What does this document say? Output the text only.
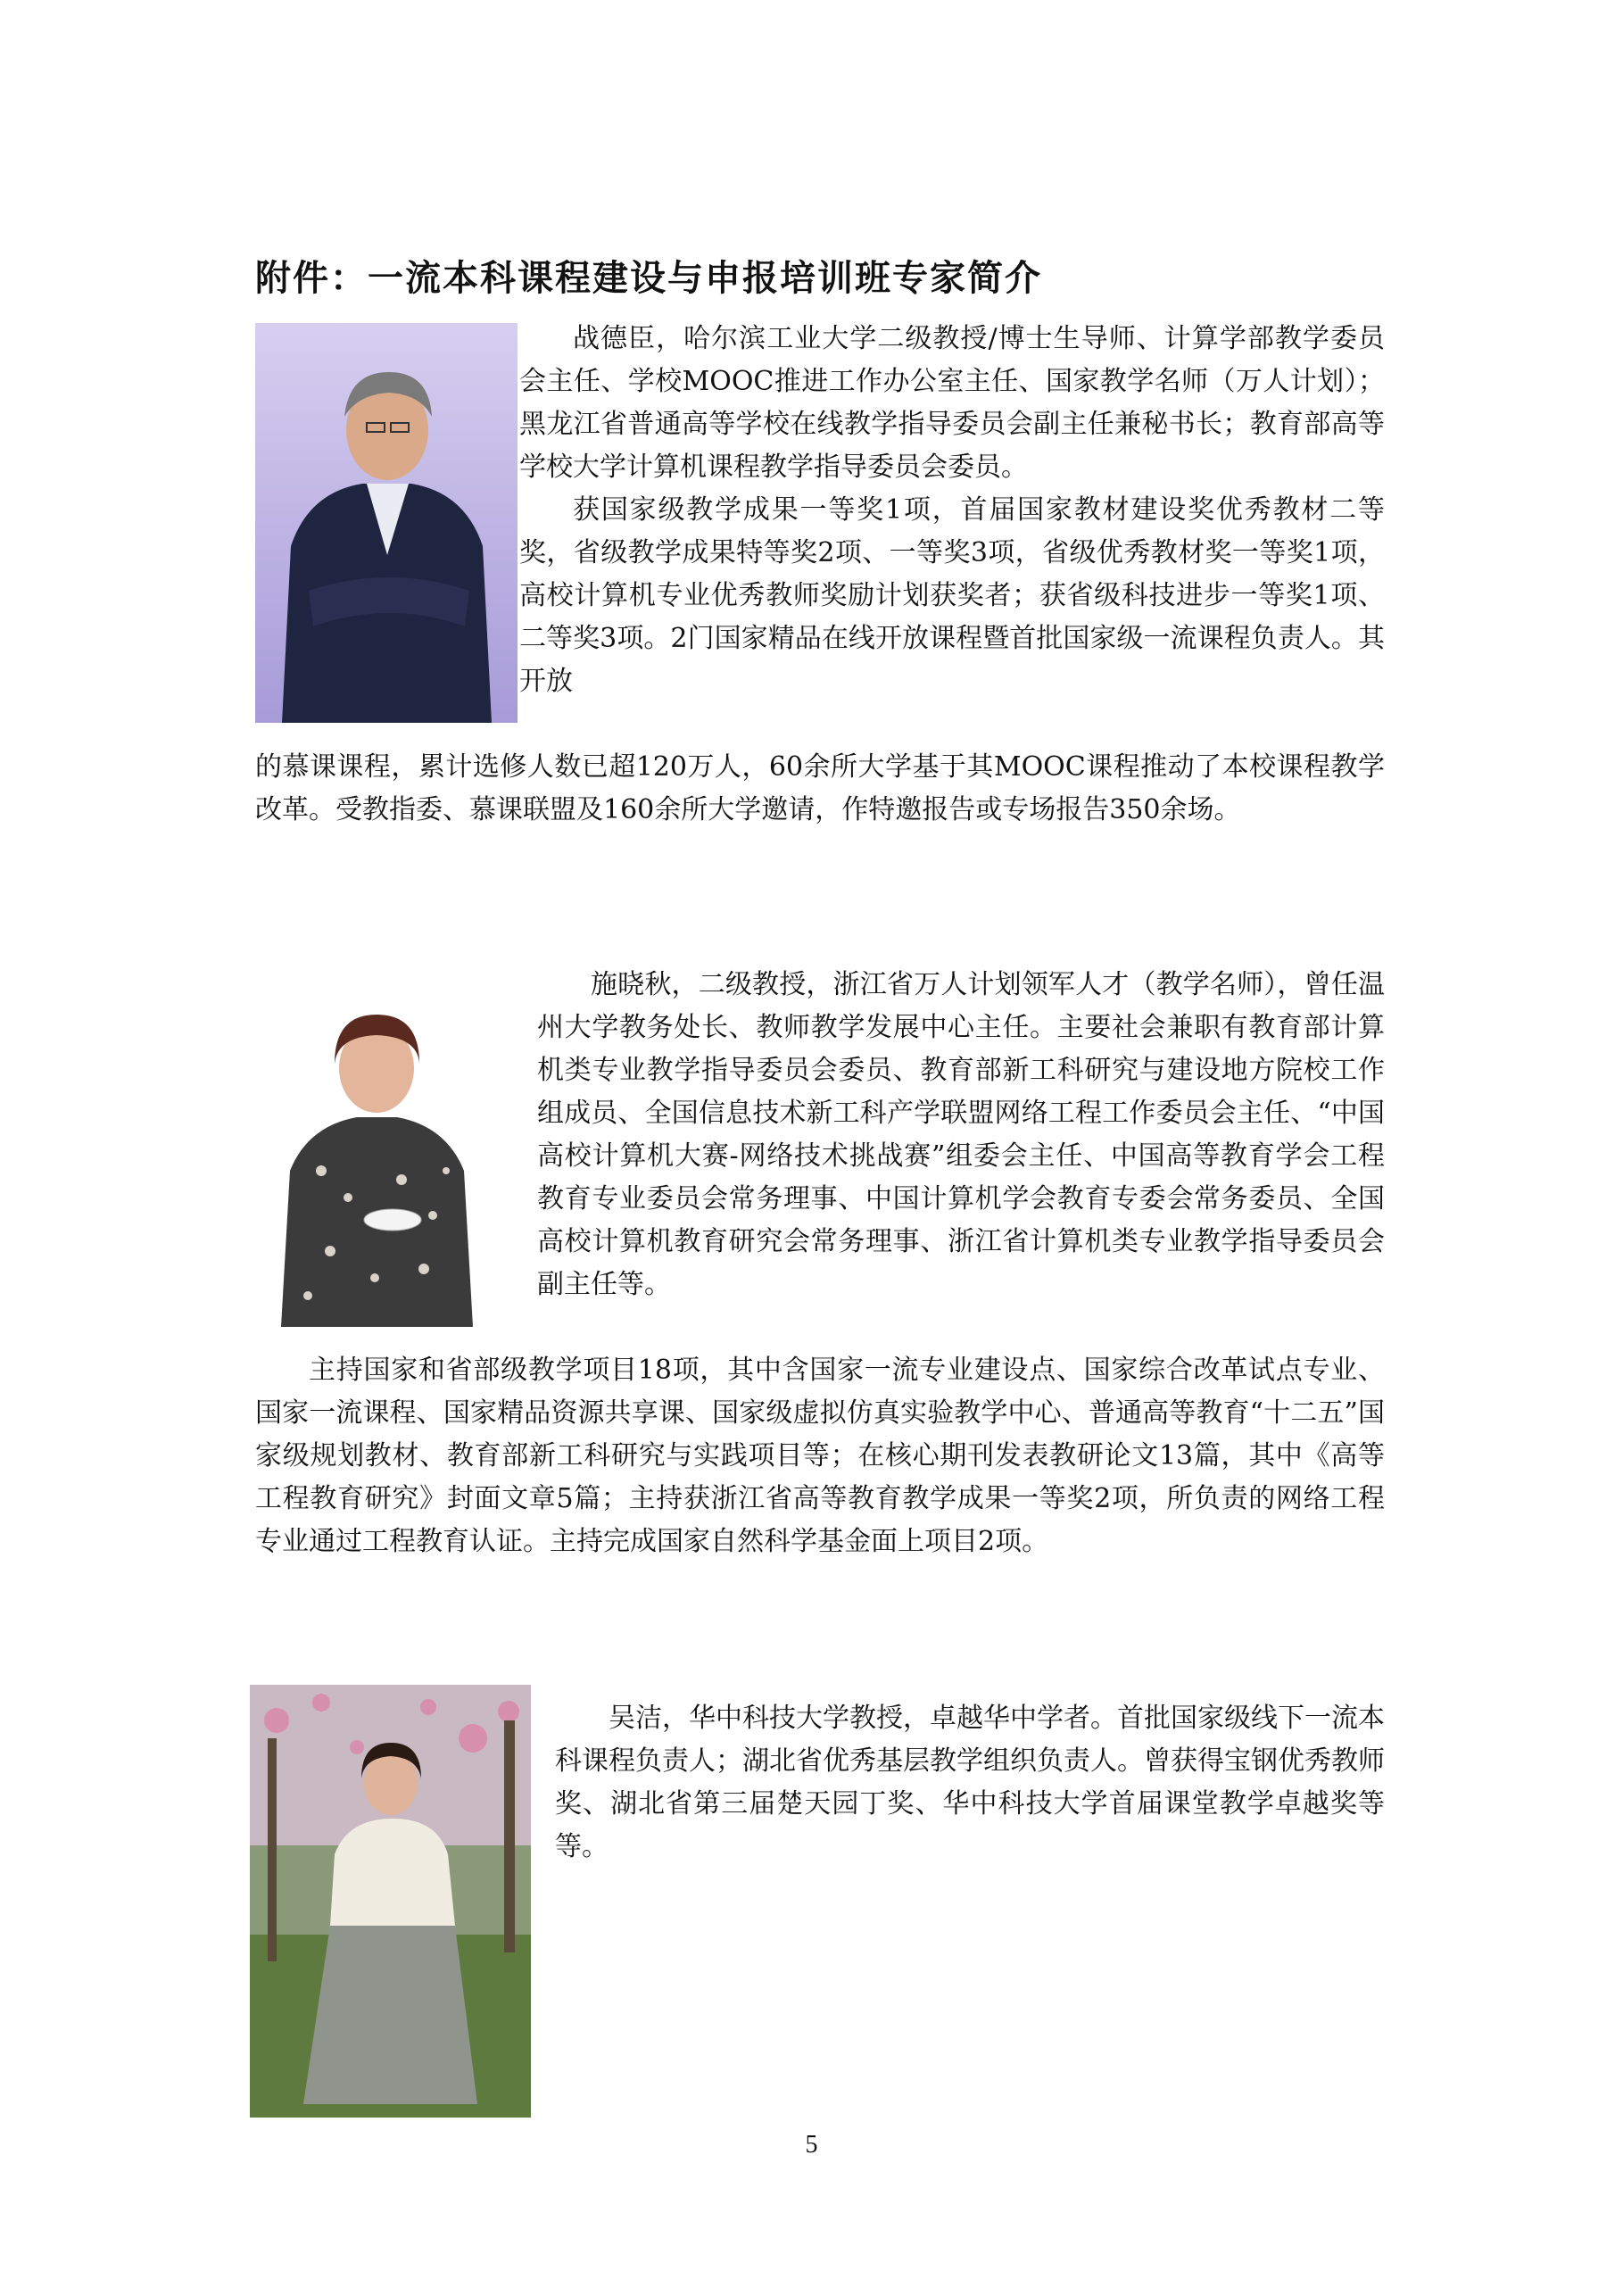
附件：一流本科课程建设与申报培训班专家简介

战德臣，哈尔滨工业大学二级教授/博士生导师、计算学部教学委员会主任、学校MOOC推进工作办公室主任、国家教学名师（万人计划）；黑龙江省普通高等学校在线教学指导委员会副主任兼秘书长；教育部高等学校大学计算机课程教学指导委员会委员。

获国家级教学成果一等奖1项，首届国家教材建设奖优秀教材二等奖，省级教学成果特等奖2项、一等奖3项，省级优秀教材奖一等奖1项，高校计算机专业优秀教师奖励计划获奖者；获省级科技进步一等奖1项、二等奖3项。2门国家精品在线开放课程暨首批国家级一流课程负责人。其开放

的慕课课程，累计选修人数已超120万人，60余所大学基于其MOOC课程推动了本校课程教学改革。受教指委、慕课联盟及160余所大学邀请，作特邀报告或专场报告350余场。

施晓秋，二级教授，浙江省万人计划领军人才（教学名师），曾任温州大学教务处长、教师教学发展中心主任。主要社会兼职有教育部计算机类专业教学指导委员会委员、教育部新工科研究与建设地方院校工作组成员、全国信息技术新工科产学联盟网络工程工作委员会主任、“中国高校计算机大赛-网络技术挑战赛”组委会主任、中国高等教育学会工程教育专业委员会常务理事、中国计算机学会教育专委会常务委员、全国高校计算机教育研究会常务理事、浙江省计算机类专业教学指导委员会副主任等。

主持国家和省部级教学项目18项，其中含国家一流专业建设点、国家综合改革试点专业、国家一流课程、国家精品资源共享课、国家级虚拟仿真实验教学中心、普通高等教育“十二五”国家级规划教材、教育部新工科研究与实践项目等；在核心期刊发表教研论文13篇，其中《高等工程教育研究》封面文章5篇；主持获浙江省高等教育教学成果一等奖2项，所负责的网络工程专业通过工程教育认证。主持完成国家自然科学基金面上项目2项。

吴洁，华中科技大学教授，卓越华中学者。首批国家级线下一流本科课程负责人；湖北省优秀基层教学组织负责人。曾获得宝钢优秀教师奖、湖北省第三届楚天园丁奖、华中科技大学首届课堂教学卓越奖等等。

5
